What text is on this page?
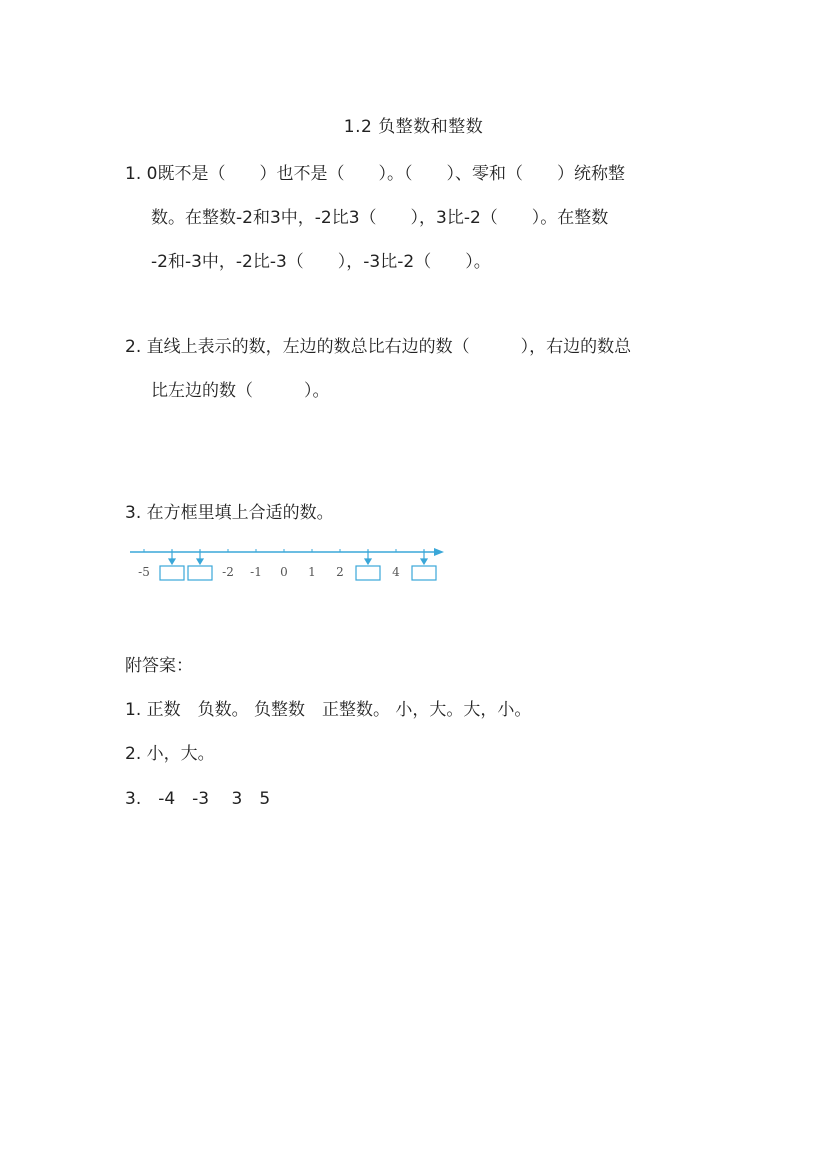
1.2 负整数和整数
1. 0既不是（　　）也不是（　　）。（　　）、零和（　　）统称整
数。在整数-2和3中，-2比3（　　），3比-2（　　）。在整数
-2和-3中，-2比-3（　　），-3比-2（　　）。
2. 直线上表示的数，左边的数总比右边的数（　　　），右边的数总
比左边的数（　　　）。
3. 在方框里填上合适的数。
-5	-2 -1 0 1 2	4
附答案：
1. 正数　负数。 负整数　正整数。 小，大。大，小。
2. 小，大。
3.　-4　-3　 3　5
